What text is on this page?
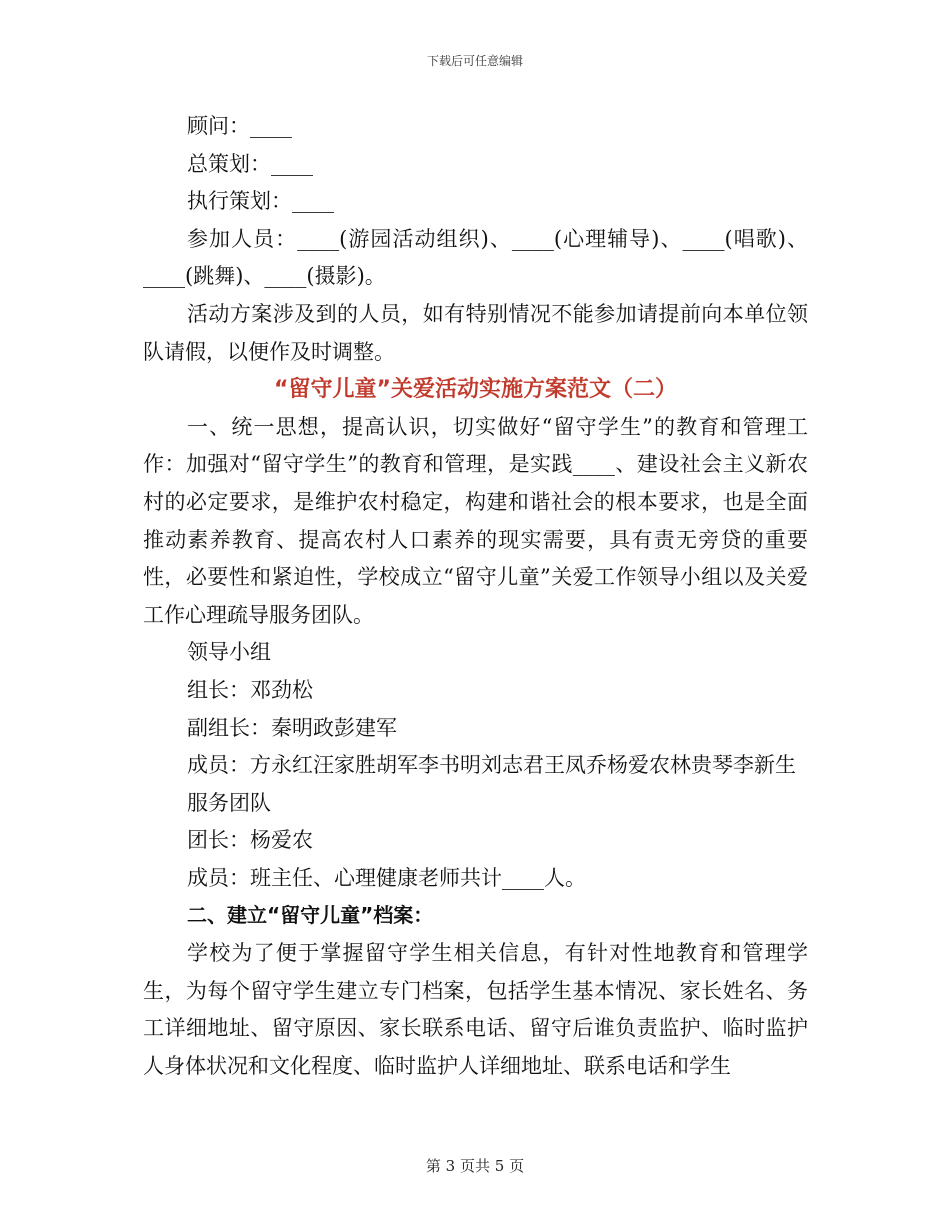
下载后可任意编辑

顾问：____

总策划：____

执行策划：____

参加人员：____(游园活动组织)、____(心理辅导)、____(唱歌)、____(跳舞)、____(摄影)。

活动方案涉及到的人员，如有特别情况不能参加请提前向本单位领队请假，以便作及时调整。

“留守儿童”关爱活动实施方案范文（二）

一、统一思想，提高认识，切实做好“留守学生”的教育和管理工作：加强对“留守学生”的教育和管理，是实践____、建设社会主义新农村的必定要求，是维护农村稳定，构建和谐社会的根本要求，也是全面推动素养教育、提高农村人口素养的现实需要，具有责无旁贷的重要性，必要性和紧迫性，学校成立“留守儿童”关爱工作领导小组以及关爱工作心理疏导服务团队。

领导小组

组长：邓劲松

副组长：秦明政彭建军

成员：方永红汪家胜胡军李书明刘志君王凤乔杨爱农林贵琴李新生

服务团队

团长：杨爱农

成员：班主任、心理健康老师共计____人。

二、建立“留守儿童”档案：

学校为了便于掌握留守学生相关信息，有针对性地教育和管理学生，为每个留守学生建立专门档案，包括学生基本情况、家长姓名、务工详细地址、留守原因、家长联系电话、留守后谁负责监护、临时监护人身体状况和文化程度、临时监护人详细地址、联系电话和学生

第 3 页共 5 页
